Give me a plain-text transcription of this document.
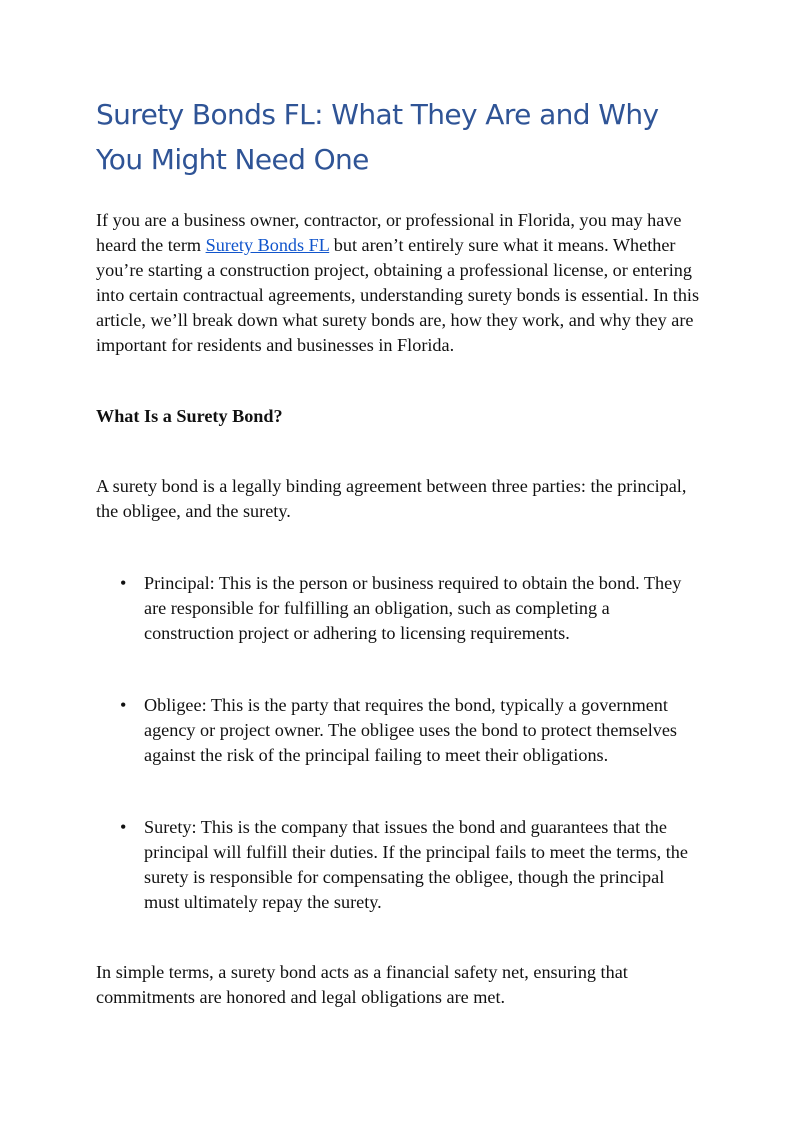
Surety Bonds FL: What They Are and Why You Might Need One

If you are a business owner, contractor, or professional in Florida, you may have heard the term Surety Bonds FL but aren’t entirely sure what it means. Whether you’re starting a construction project, obtaining a professional license, or entering into certain contractual agreements, understanding surety bonds is essential. In this article, we’ll break down what surety bonds are, how they work, and why they are important for residents and businesses in Florida.

What Is a Surety Bond?

A surety bond is a legally binding agreement between three parties: the principal, the obligee, and the surety.

• Principal: This is the person or business required to obtain the bond. They are responsible for fulfilling an obligation, such as completing a construction project or adhering to licensing requirements.
• Obligee: This is the party that requires the bond, typically a government agency or project owner. The obligee uses the bond to protect themselves against the risk of the principal failing to meet their obligations.
• Surety: This is the company that issues the bond and guarantees that the principal will fulfill their duties. If the principal fails to meet the terms, the surety is responsible for compensating the obligee, though the principal must ultimately repay the surety.

In simple terms, a surety bond acts as a financial safety net, ensuring that commitments are honored and legal obligations are met.
